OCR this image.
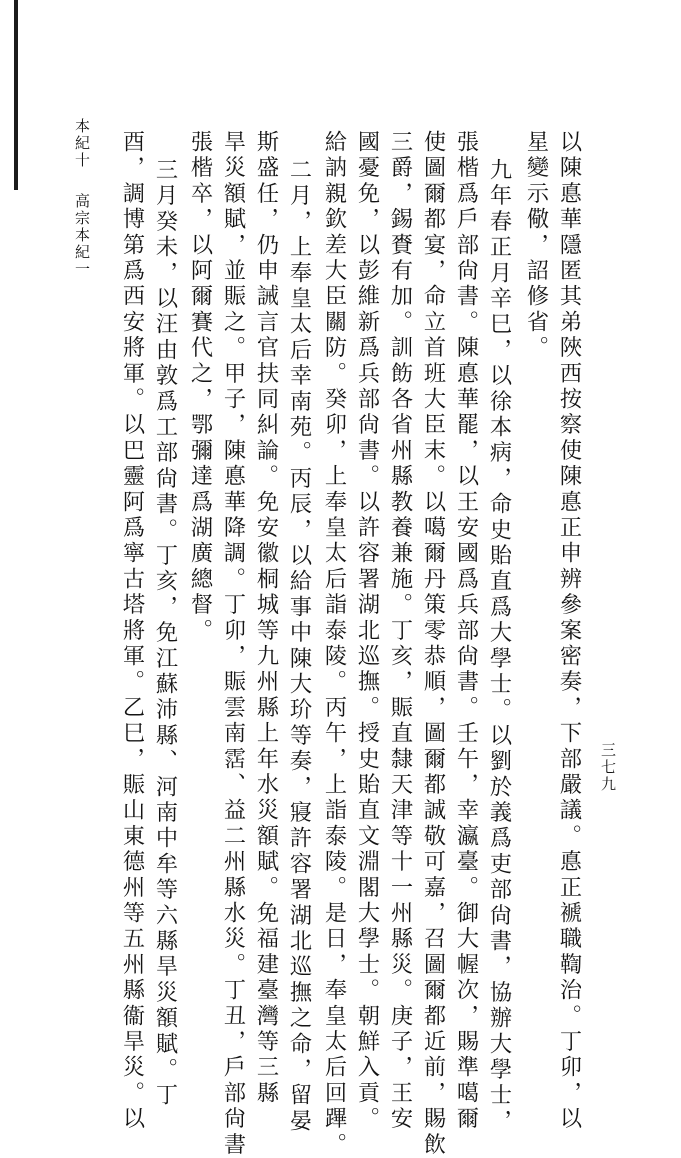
本紀十高宗本紀一
三七九
以陳悳華隱匿其弟陜西按察使陳悳正申辨參案密奏，下部嚴議。悳正褫職鞫治。丁卯，以
星變示儆，詔修省。
九年春正月辛巳，以徐本病，命史貽直爲大學士。以劉於義爲吏部尙書，協辦大學士，
張楷爲戶部尙書。陳悳華罷，以王安國爲兵部尙書。壬午，幸瀛臺。御大幄次，賜準噶爾
使圖爾都宴，命立首班大臣末。以噶爾丹策零恭順，圖爾都誠敬可嘉，召圖爾都近前，賜飲
三爵，錫賚有加。訓飭各省州縣教養兼施。丁亥，賑直隸天津等十一州縣災。庚子，王安
國憂免，以彭維新爲兵部尙書。以許容署湖北巡撫。授史貽直文淵閣大學士。朝鮮入貢。
給訥親欽差大臣關防。癸卯，上奉皇太后詣泰陵。丙午，上詣泰陵。是日，奉皇太后回蹕。
二月，上奉皇太后幸南苑。丙辰，以給事中陳大玠等奏，寢許容署湖北巡撫之命，留晏
斯盛任，仍申誡言官扶同糾論。免安徽桐城等九州縣上年水災額賦。免福建臺灣等三縣
旱災額賦，並賑之。甲子，陳悳華降調。丁卯，賑雲南霑、益二州縣水災。丁丑，戶部尙書
張楷卒，以阿爾賽代之，鄂彌達爲湖廣總督。
三月癸未，以汪由敦爲工部尙書。丁亥，免江蘇沛縣、河南中牟等六縣旱災額賦。丁
酉，調博第爲西安將軍。以巴靈阿爲寧古塔將軍。乙巳，賑山東德州等五州縣衞旱災。以
